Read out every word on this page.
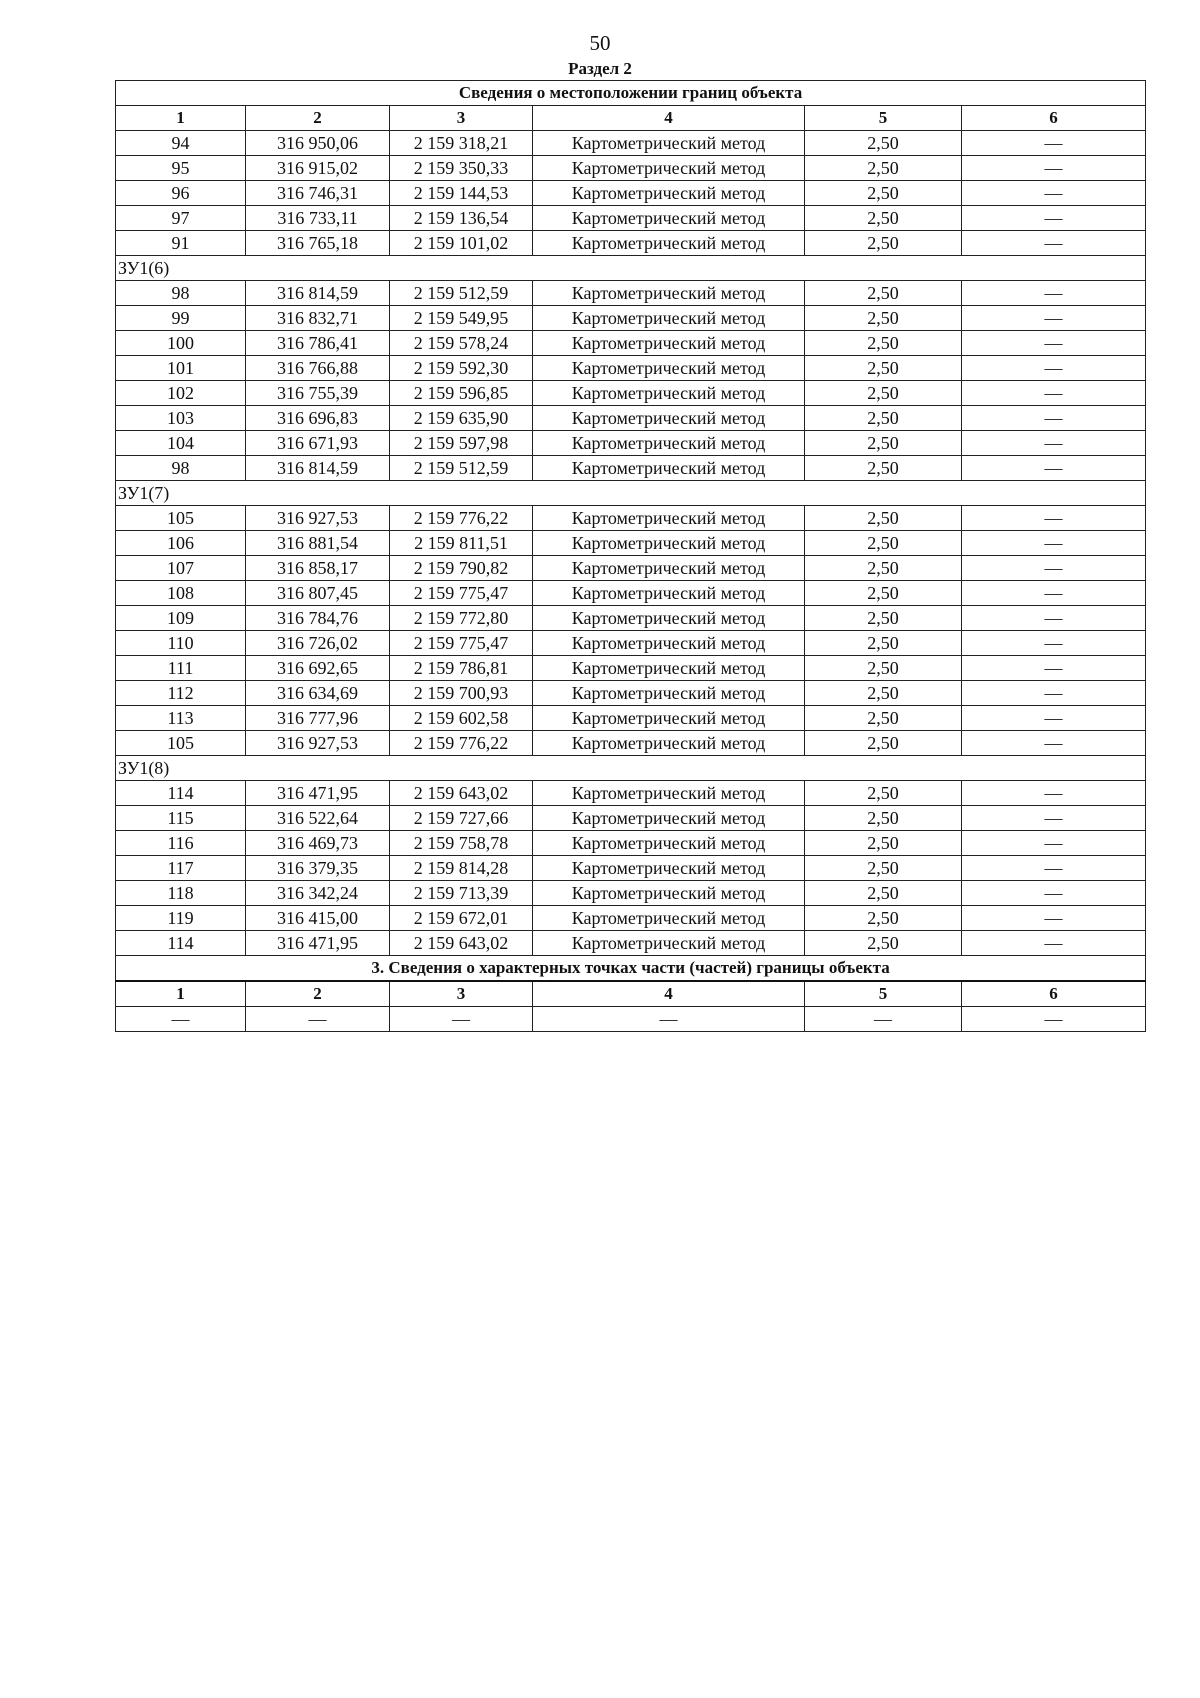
50
Раздел 2
Сведения о местоположении границ объекта					
1	2	3	4	5	6
94	316 950,06	2 159 318,21	Картометрический метод	2,50	—
95	316 915,02	2 159 350,33	Картометрический метод	2,50	—
96	316 746,31	2 159 144,53	Картометрический метод	2,50	—
97	316 733,11	2 159 136,54	Картометрический метод	2,50	—
91	316 765,18	2 159 101,02	Картометрический метод	2,50	—
ЗУ1(6)					
98	316 814,59	2 159 512,59	Картометрический метод	2,50	—
99	316 832,71	2 159 549,95	Картометрический метод	2,50	—
100	316 786,41	2 159 578,24	Картометрический метод	2,50	—
101	316 766,88	2 159 592,30	Картометрический метод	2,50	—
102	316 755,39	2 159 596,85	Картометрический метод	2,50	—
103	316 696,83	2 159 635,90	Картометрический метод	2,50	—
104	316 671,93	2 159 597,98	Картометрический метод	2,50	—
98	316 814,59	2 159 512,59	Картометрический метод	2,50	—
ЗУ1(7)					
105	316 927,53	2 159 776,22	Картометрический метод	2,50	—
106	316 881,54	2 159 811,51	Картометрический метод	2,50	—
107	316 858,17	2 159 790,82	Картометрический метод	2,50	—
108	316 807,45	2 159 775,47	Картометрический метод	2,50	—
109	316 784,76	2 159 772,80	Картометрический метод	2,50	—
110	316 726,02	2 159 775,47	Картометрический метод	2,50	—
111	316 692,65	2 159 786,81	Картометрический метод	2,50	—
112	316 634,69	2 159 700,93	Картометрический метод	2,50	—
113	316 777,96	2 159 602,58	Картометрический метод	2,50	—
105	316 927,53	2 159 776,22	Картометрический метод	2,50	—
ЗУ1(8)					
114	316 471,95	2 159 643,02	Картометрический метод	2,50	—
115	316 522,64	2 159 727,66	Картометрический метод	2,50	—
116	316 469,73	2 159 758,78	Картометрический метод	2,50	—
117	316 379,35	2 159 814,28	Картометрический метод	2,50	—
118	316 342,24	2 159 713,39	Картометрический метод	2,50	—
119	316 415,00	2 159 672,01	Картометрический метод	2,50	—
114	316 471,95	2 159 643,02	Картометрический метод	2,50	—
3. Сведения о характерных точках части (частей) границы объекта					
1	2	3	4	5	6
—	—	—	—	—	—
